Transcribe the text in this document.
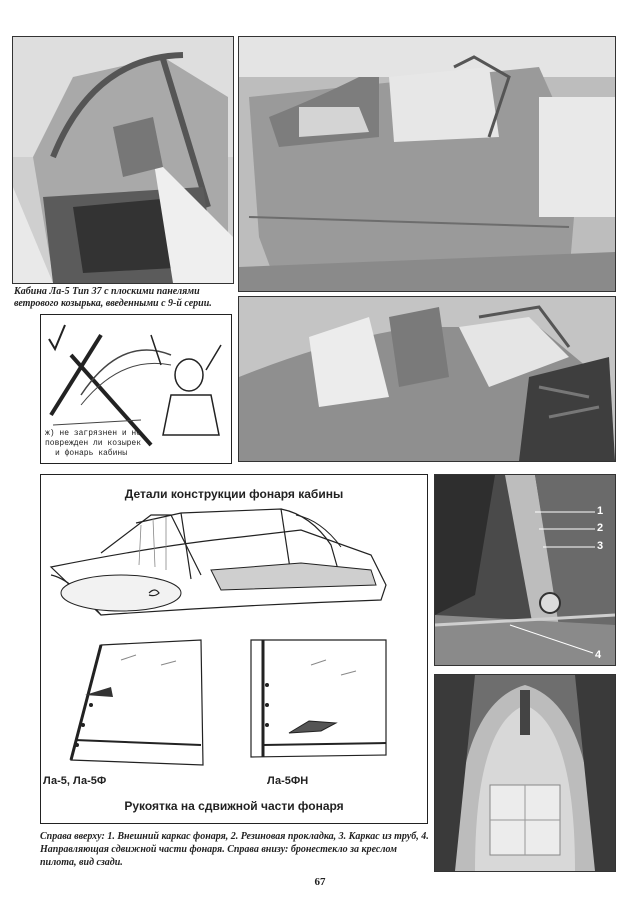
Кабина Ла-5 Тип 37 с плоскими панелями ветрового козырька, введенными с 9-й серии.
ж) не загрязнен и не
поврежден ли козырек
и фонарь кабины
Детали конструкции фонаря кабины
Ла-5, Ла-5Ф	Ла-5ФН
Рукоятка на сдвижной части фонаря
1
2
3
4
Справа вверху: 1. Внешний каркас фонаря, 2. Резиновая прокладка, 3. Каркас из труб, 4. Направляющая сдвижной части фонаря. Справа внизу: бронестекло за креслом пилота, вид сзади.
67
